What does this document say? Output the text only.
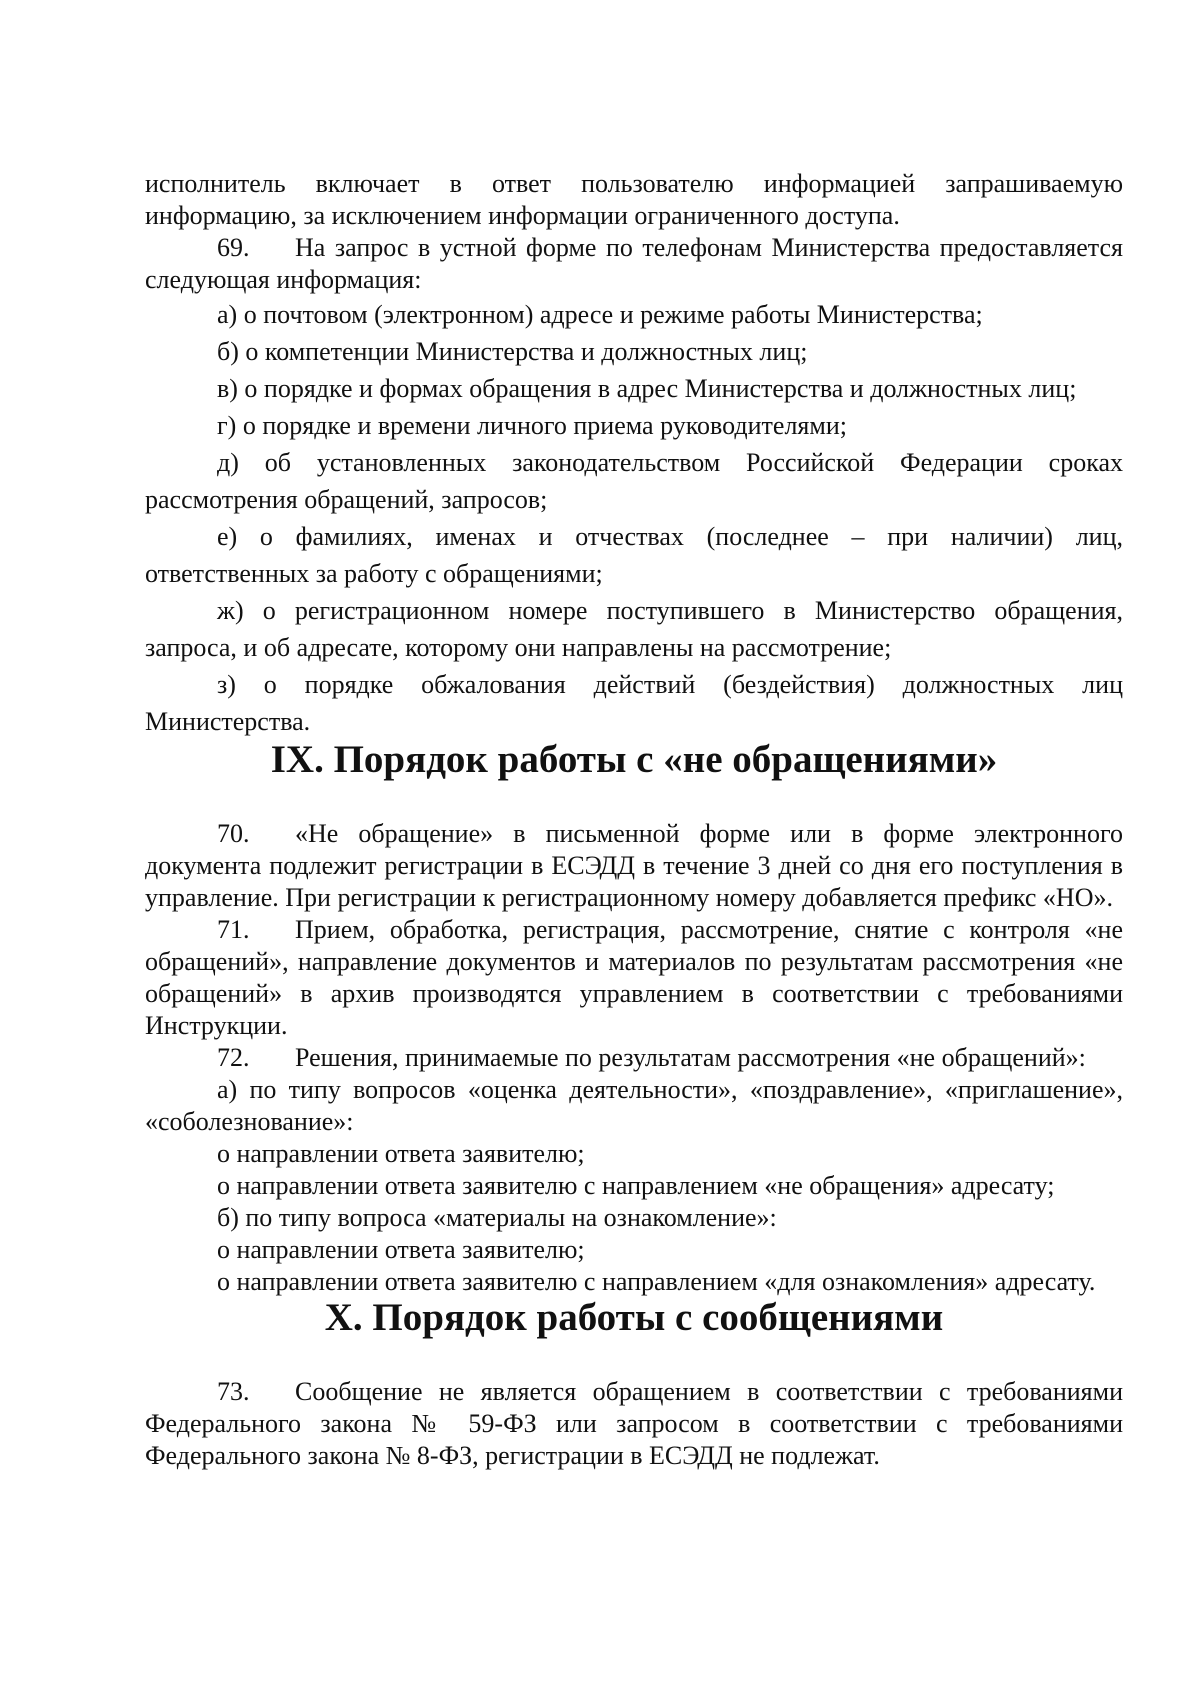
исполнитель включает в ответ пользователю информацией запрашиваемую информацию, за исключением информации ограниченного доступа.

69. На запрос в устной форме по телефонам Министерства предоставляется следующая информация:

а) о почтовом (электронном) адресе и режиме работы Министерства;

б) о компетенции Министерства и должностных лиц;

в) о порядке и формах обращения в адрес Министерства и должностных лиц;

г) о порядке и времени личного приема руководителями;

д) об установленных законодательством Российской Федерации сроках рассмотрения обращений, запросов;

е) о фамилиях, именах и отчествах (последнее – при наличии) лиц, ответственных за работу с обращениями;

ж) о регистрационном номере поступившего в Министерство обращения, запроса, и об адресате, которому они направлены на рассмотрение;

з) о порядке обжалования действий (бездействия) должностных лиц Министерства.

IX. Порядок работы с «не обращениями»

70. «Не обращение» в письменной форме или в форме электронного документа подлежит регистрации в ЕСЭДД в течение 3 дней со дня его поступления в управление. При регистрации к регистрационному номеру добавляется префикс «НО».

71. Прием, обработка, регистрация, рассмотрение, снятие с контроля «не обращений», направление документов и материалов по результатам рассмотрения «не обращений» в архив производятся управлением в соответствии с требованиями Инструкции.

72. Решения, принимаемые по результатам рассмотрения «не обращений»:

а) по типу вопросов «оценка деятельности», «поздравление», «приглашение», «соболезнование»:

о направлении ответа заявителю;

о направлении ответа заявителю с направлением «не обращения» адресату;

б) по типу вопроса «материалы на ознакомление»:

о направлении ответа заявителю;

о направлении ответа заявителю с направлением «для ознакомления» адресату.

X. Порядок работы с сообщениями

73. Сообщение не является обращением в соответствии с требованиями Федерального закона № 59-ФЗ или запросом в соответствии с требованиями Федерального закона № 8-ФЗ, регистрации в ЕСЭДД не подлежат.
